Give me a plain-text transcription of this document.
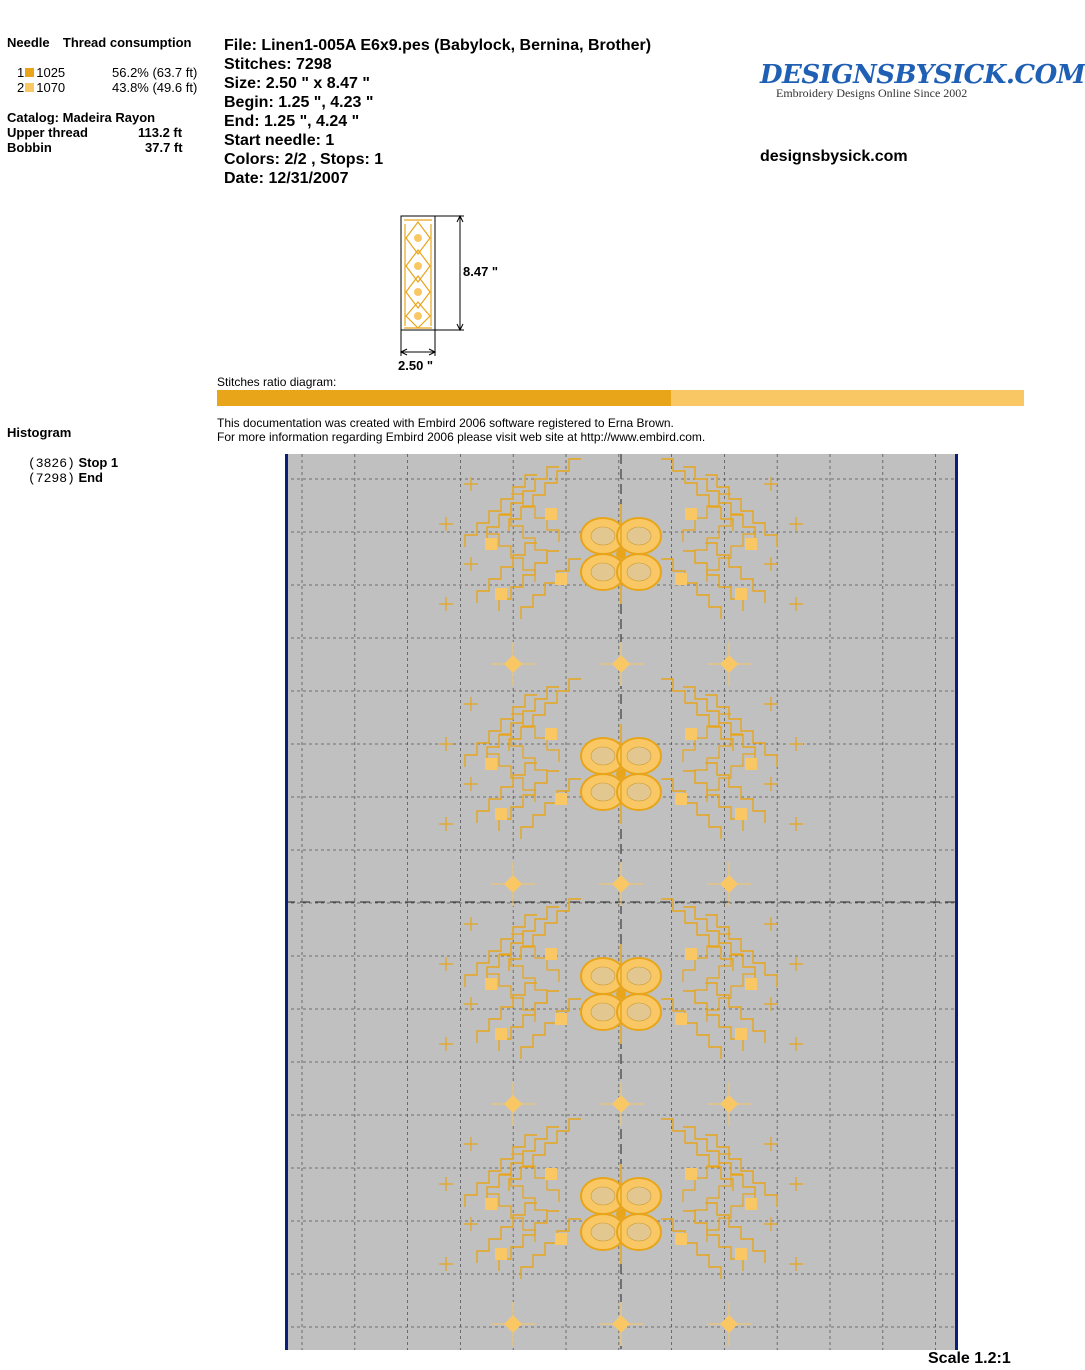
Needle Thread consumption
1 1025	56.2% (63.7 ft)
2 1070	43.8% (49.6 ft)
Catalog: Madeira Rayon
Upper thread	113.2 ft
Bobbin	37.7 ft
Histogram
(3826) Stop 1
(7298) End
File: Linen1-005A E6x9.pes (Babylock, Bernina, Brother)
Stitches: 7298
Size: 2.50 " x 8.47 "
Begin: 1.25 ", 4.23 "
End: 1.25 ", 4.24 "
Start needle: 1
Colors: 2/2 , Stops: 1
Date: 12/31/2007
DESIGNSBYSICK.COM
Embroidery Designs Online Since 2002
designsbysick.com
8.47 "
2.50 "
Stitches ratio diagram:
This documentation was created with Embird 2006 software registered to Erna Brown.
For more information regarding Embird 2006 please visit web site at http://www.embird.com.
Scale 1.2:1
